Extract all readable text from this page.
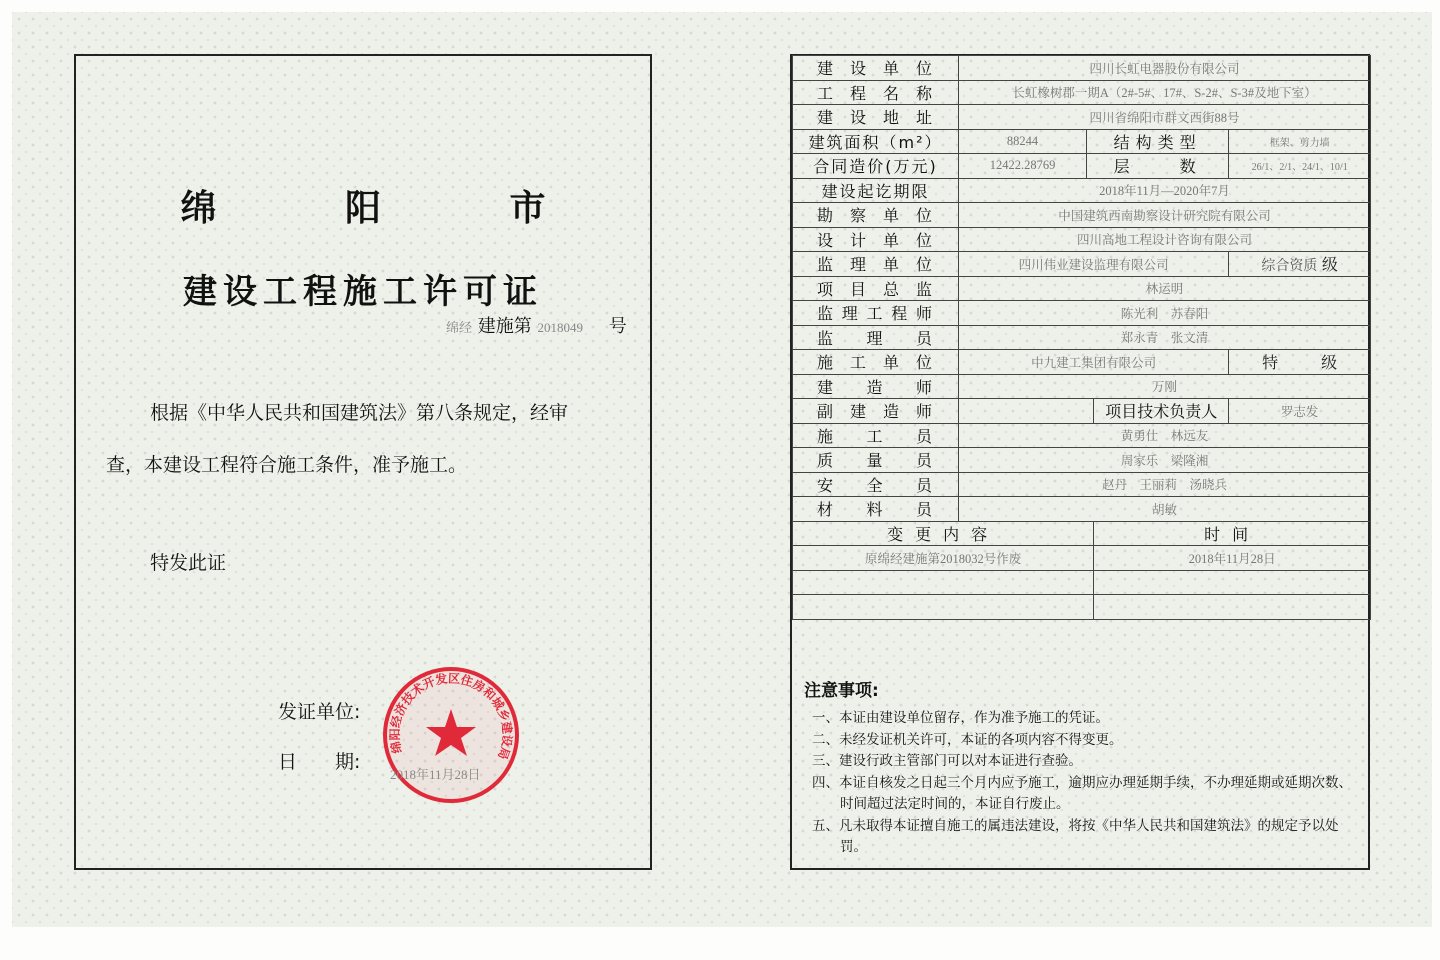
绵 阳 市
建设工程施工许可证
绵经 建施第 2018049 号
根据《中华人民共和国建筑法》第八条规定，经审
查，本建设工程符合施工条件，准予施工。
特发此证
发证单位:
日　　期:
绵阳经济技术开发区住房和城乡建设局
2018年11月28日
建设单位	四川长虹电器股份有限公司			
工程名称	长虹橡树郡一期A（2#-5#、17#、S-2#、S-3#及地下室）			
建设地址	四川省绵阳市群文西街88号			
建筑面积（m²）	88244	结构类型		框架、剪力墙
合同造价(万元)	12422.28769	层　　数		26/1、2/1、24/1、10/1
建设起讫期限	2018年11月—2020年7月			
勘察单位	中国建筑西南勘察设计研究院有限公司			
设计单位	四川高地工程设计咨询有限公司			
监理单位	四川伟业建设监理有限公司			综合资质 级
项目总监	林运明			
监理工程师	陈光利　苏春阳			
监理员	郑永青　张文清			
施工单位	中九建工集团有限公司			特 级
建造师	万刚			
副建造师			项目技术负责人	罗志发
施工员	黄勇仕　林远友			
质量员	周家乐　梁隆湘			
安全员	赵丹　王丽莉　汤晓兵			
材料员	胡敏			
变更内容			时间	
原绵经建施第2018032号作废			2018年11月28日	

注意事项:
一、本证由建设单位留存，作为准予施工的凭证。
二、未经发证机关许可，本证的各项内容不得变更。
三、建设行政主管部门可以对本证进行查验。
四、本证自核发之日起三个月内应予施工，逾期应办理延期手续，不办理延期或延期次数、时间超过法定时间的，本证自行废止。
五、凡未取得本证擅自施工的属违法建设，将按《中华人民共和国建筑法》的规定予以处罚。
